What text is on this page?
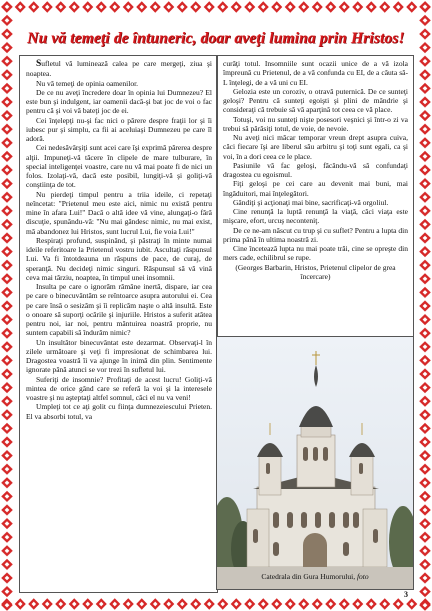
Nu vă temeţi de întuneric, doar aveţi lumina prin Hristos!

Sufletul vă luminează calea pe care mergeţi, ziua şi noaptea.

Nu vă temeţi de opinia oamenilor.

De ce nu aveţi încredere doar în opinia lui Dumnezeu? El este bun şi indulgent, iar oamenii dacă-şi bat joc de voi o fac pentru că şi voi vă bateţi joc de ei.

Cei înţelepţi nu-şi fac nici o părere despre fraţii lor şi îi iubesc pur şi simplu, ca fii ai aceluiaşi Dumnezeu pe care îl adoră.

Cei nedesăvârşiţi sunt acei care îşi exprimă părerea despre alţii. Impuneţi-vă tăcere în clipele de mare tulburare, în special inteligenţei voastre, care nu vă mai poate fi de nici un folos. Izolaţi-vă, dacă este posibil, lungiţi-vă şi goliţi-vă conştiinţa de tot.

Nu pierdeţi timpul pentru a triia ideile, ci repetaţi neîncetat: "Prietenul meu este aici, nimic nu există pentru mine în afara Lui!" Dacă o altă idee vă vine, alungaţi-o fără discuţie, spunându-vă: "Nu mai gândesc nimic, nu mai exist, mă abandonez lui Hristos, sunt lucrul Lui, fie voia Lui!"

Respiraţi profund, suspinând, şi păstraţi în minte numai ideile referitoare la Prietenul vostru iubit. Ascultaţi răspunsul Lui. Va fi întotdeauna un răspuns de pace, de curaj, de speranţă. Nu decideţi nimic singuri. Răspunsul să vă vină ceva mai târziu, noaptea, în timpul unei insomnii.

Insulta pe care o ignorăm rămâne inertă, dispare, iar cea pe care o binecuvântăm se reîntoarce asupra autorului ei. Cea pe care însă o sesizăm şi îi replicăm naşte o altă insultă. Este o onoare să suporţi ocările şi injuriile. Hristos a suferit atâtea pentru noi, iar noi, pentru mântuirea noastră proprie, nu suntem capabili să îndurăm nimic?

Un insultător binecuvântat este dezarmat. Observaţi-l în zilele următoare şi veţi fi impresionat de schimbarea lui. Dragostea voastră îi va ajunge în inimă din plin. Sentimente ignorate până atunci se vor trezi în sufletul lui.

Suferiţi de insomnie? Profitaţi de acest lucru! Goliţi-vă mintea de orice gând care se referă la voi şi la interesele voastre şi nu aşteptaţi altfel somnul, căci el nu va veni!

Umpleţi tot ce aţi golit cu fiinţa dumnezeiescului Prieten. El va absorbi totul, va

curăţi totul. Insomniile sunt ocazii unice de a vă izola împreună cu Prietenul, de a vă confunda cu EI, de a căuta să-L înţelegi, de a vă uni cu EI.

Gelozia este un coroziv, o otravă puternică. De ce sunteţi geloşi? Pentru că sunteţi egoişti şi plini de mândrie şi consideraţi că trebuie să vă aparţină tot ceea ce vă place.

Totuşi, voi nu sunteţi nişte posesori veşnici şi într-o zi va trebui să părăsiţi totul, de voie, de nevoie.

Nu aveţi nici măcar temporar vreun drept asupra cuiva, căci fiecare îşi are liberul său arbitru şi toţi sunt egali, ca şi voi, în a dori ceea ce le place.

Pasiunile vă fac geloşi, făcându-vă să confundaţi dragostea cu egoismul.

Fiţi geloşi pe cei care au devenit mai buni, mai îngăduitori, mai înţelegători.

Gândiţi şi acţionaţi mai bine, sacrificaţi-vă orgoliul.

Cine renunţă la luptă renunţă la viaţă, căci viaţa este mişcare, efort, urcuş neconteniţ.

De ce ne-am născut cu trup şi cu suflet? Pentru a lupta din prima până în ultima noastră zi.

Cine încetează lupta nu mai poate trăi, cine se opreşte din mers cade, echilibrul se rupe.

(Georges Barbarin, Hristos, Prietenul clipelor de grea încercare)

Catedrala din Gura Humorului, foto
3
